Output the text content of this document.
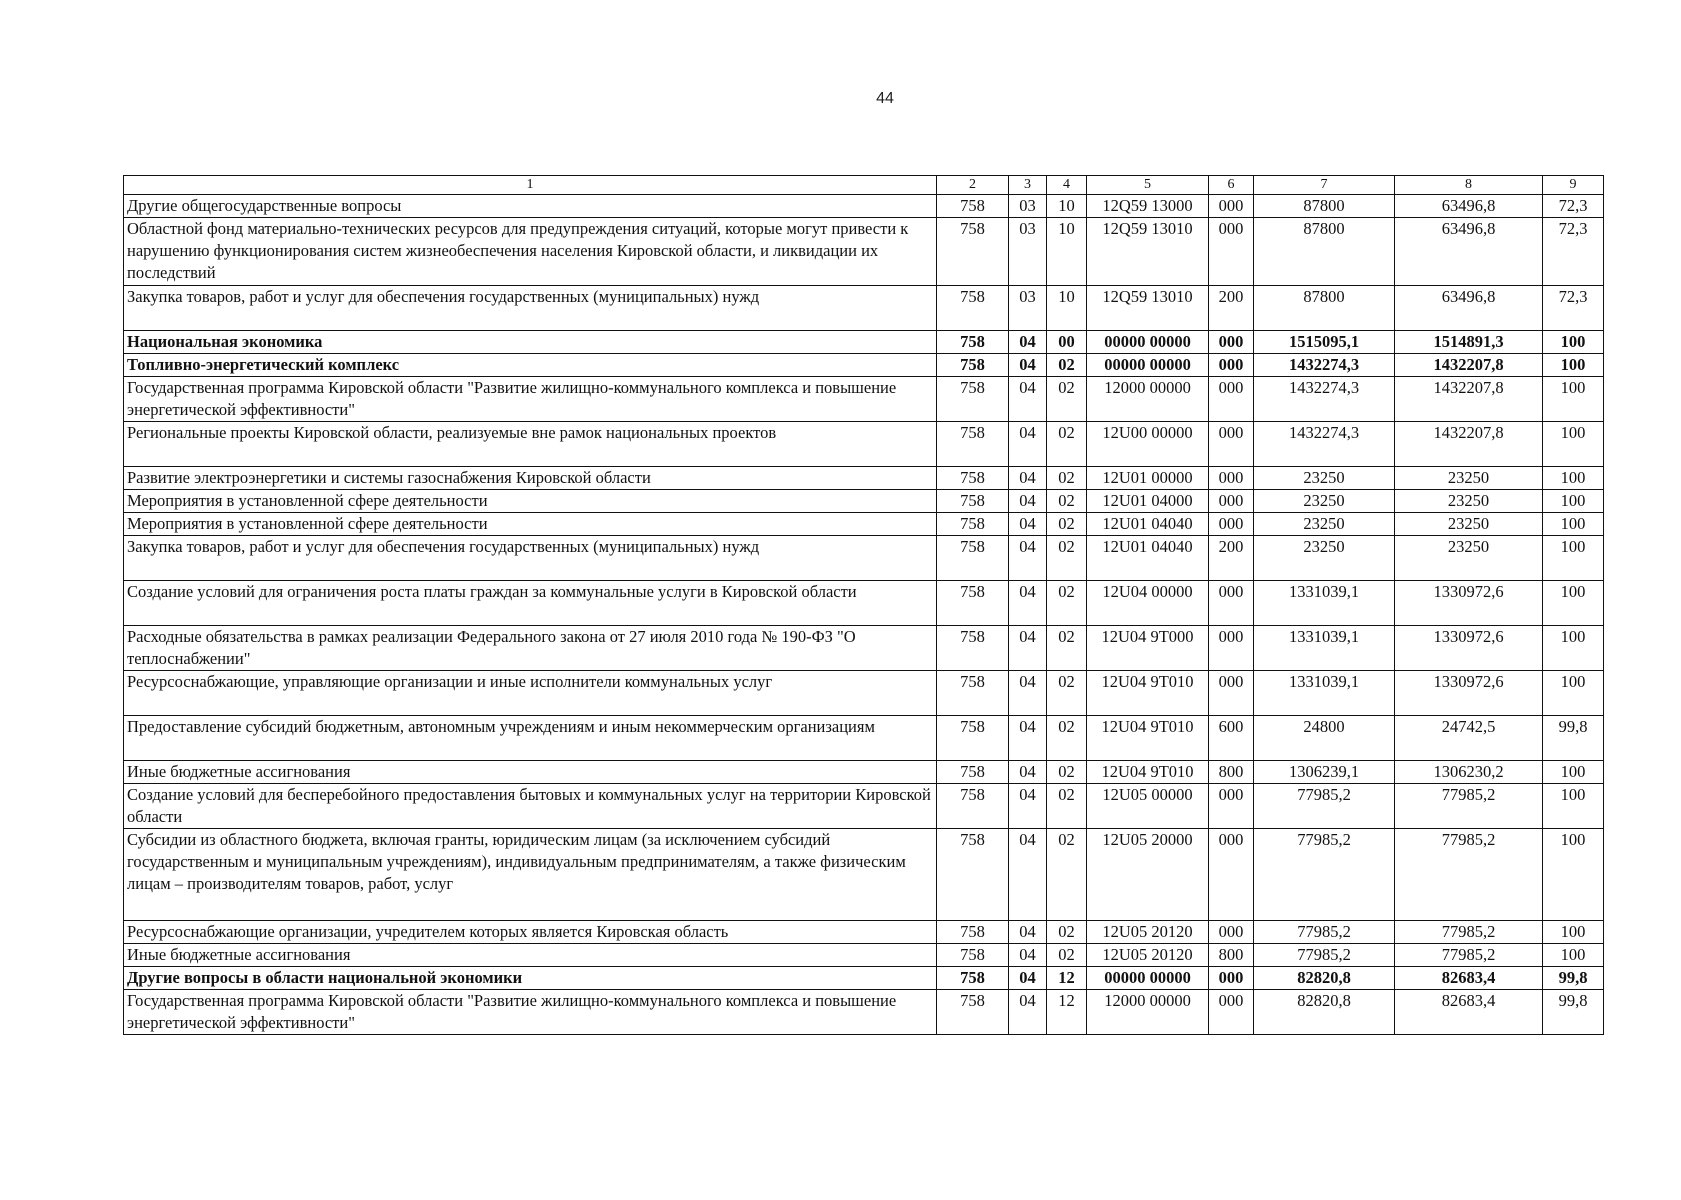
44
1	2	3	4	5	6	7	8	9
Другие общегосударственные вопросы	758	03	10	12Q59 13000	000	87800	63496,8	72,3
Областной фонд материально-технических ресурсов для предупреждения ситуаций, которые могут привести к нарушению функционирования систем жизнеобеспечения населения Кировской области, и ликвидации их последствий	758	03	10	12Q59 13010	000	87800	63496,8	72,3
Закупка товаров, работ и услуг для обеспечения государственных (муниципальных) нужд	758	03	10	12Q59 13010	200	87800	63496,8	72,3
Национальная экономика	758	04	00	00000 00000	000	1515095,1	1514891,3	100
Топливно-энергетический комплекс	758	04	02	00000 00000	000	1432274,3	1432207,8	100
Государственная программа Кировской области "Развитие жилищно-коммунального комплекса и повышение энергетической эффективности"	758	04	02	12000 00000	000	1432274,3	1432207,8	100
Региональные проекты Кировской области, реализуемые вне рамок национальных проектов	758	04	02	12U00 00000	000	1432274,3	1432207,8	100
Развитие электроэнергетики и системы газоснабжения Кировской области	758	04	02	12U01 00000	000	23250	23250	100
Мероприятия в установленной сфере деятельности	758	04	02	12U01 04000	000	23250	23250	100
Мероприятия в установленной сфере деятельности	758	04	02	12U01 04040	000	23250	23250	100
Закупка товаров, работ и услуг для обеспечения государственных (муниципальных) нужд	758	04	02	12U01 04040	200	23250	23250	100
Создание условий для ограничения роста платы граждан за коммунальные услуги в Кировской области	758	04	02	12U04 00000	000	1331039,1	1330972,6	100
Расходные обязательства в рамках реализации Федерального закона от 27 июля 2010 года № 190-ФЗ "О теплоснабжении"	758	04	02	12U04 9T000	000	1331039,1	1330972,6	100
Ресурсоснабжающие, управляющие организации и иные исполнители коммунальных услуг	758	04	02	12U04 9T010	000	1331039,1	1330972,6	100
Предоставление субсидий бюджетным, автономным учреждениям и иным некоммерческим организациям	758	04	02	12U04 9T010	600	24800	24742,5	99,8
Иные бюджетные ассигнования	758	04	02	12U04 9T010	800	1306239,1	1306230,2	100
Создание условий для бесперебойного предоставления бытовых и коммунальных услуг на территории Кировской области	758	04	02	12U05 00000	000	77985,2	77985,2	100
Субсидии из областного бюджета, включая гранты, юридическим лицам (за исключением субсидий государственным и муниципальным учреждениям), индивидуальным предпринимателям, а также физическим лицам – производителям товаров, работ, услуг	758	04	02	12U05 20000	000	77985,2	77985,2	100
Ресурсоснабжающие организации, учредителем которых является Кировская область	758	04	02	12U05 20120	000	77985,2	77985,2	100
Иные бюджетные ассигнования	758	04	02	12U05 20120	800	77985,2	77985,2	100
Другие вопросы в области национальной экономики	758	04	12	00000 00000	000	82820,8	82683,4	99,8
Государственная программа Кировской области "Развитие жилищно-коммунального комплекса и повышение энергетической эффективности"	758	04	12	12000 00000	000	82820,8	82683,4	99,8
